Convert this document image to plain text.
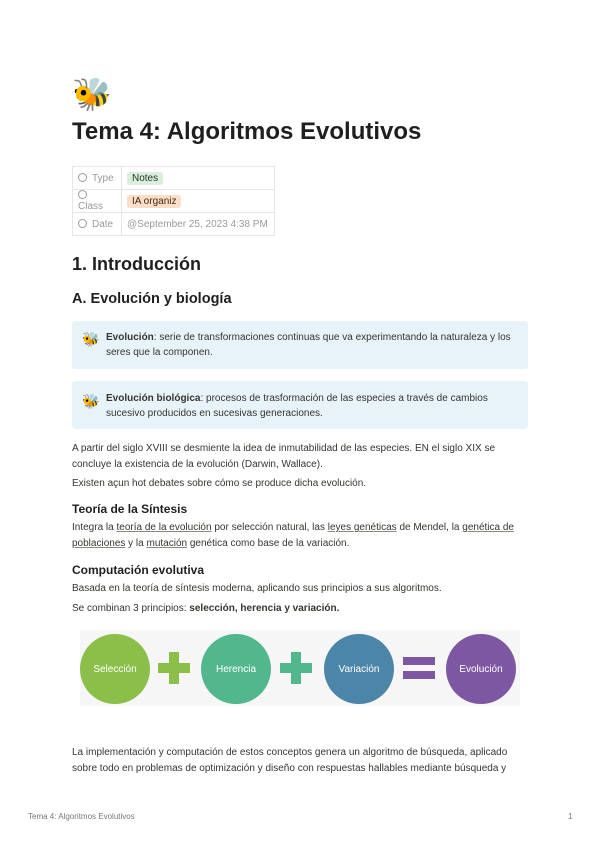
🐝
Tema 4: Algoritmos Evolutivos
Type	Notes
Class	IA organiz
Date	@September 25, 2023 4:38 PM
1. Introducción
A. Evolución y biología
🐝 Evolución: serie de transformaciones continuas que va experimentando la naturaleza y los seres que la componen.
🐝 Evolución biológica: procesos de trasformación de las especies a través de cambios sucesivo producidos en sucesivas generaciones.

A partir del siglo XVIII se desmiente la idea de inmutabilidad de las especies. EN el siglo XIX se concluye la existencia de la evolución (Darwin, Wallace).

Existen açun hot debates sobre cómo se produce dicha evolución.

Teoría de la Síntesis

Integra la teoría de la evolución por selección natural, las leyes genéticas de Mendel, la genética de poblaciones y la mutación genética como base de la variación.

Computación evolutiva

Basada en la teoría de síntesis moderna, aplicando sus principios a sus algoritmos.

Se combinan 3 principios: selección, herencia y variación.

Selección	Herencia	Variación	Evolución

La implementación y computación de estos conceptos genera un algoritmo de búsqueda, aplicado sobre todo en problemas de optimización y diseño con respuestas hallables mediante búsqueda y

Tema 4: Algoritmos Evolutivos	1
